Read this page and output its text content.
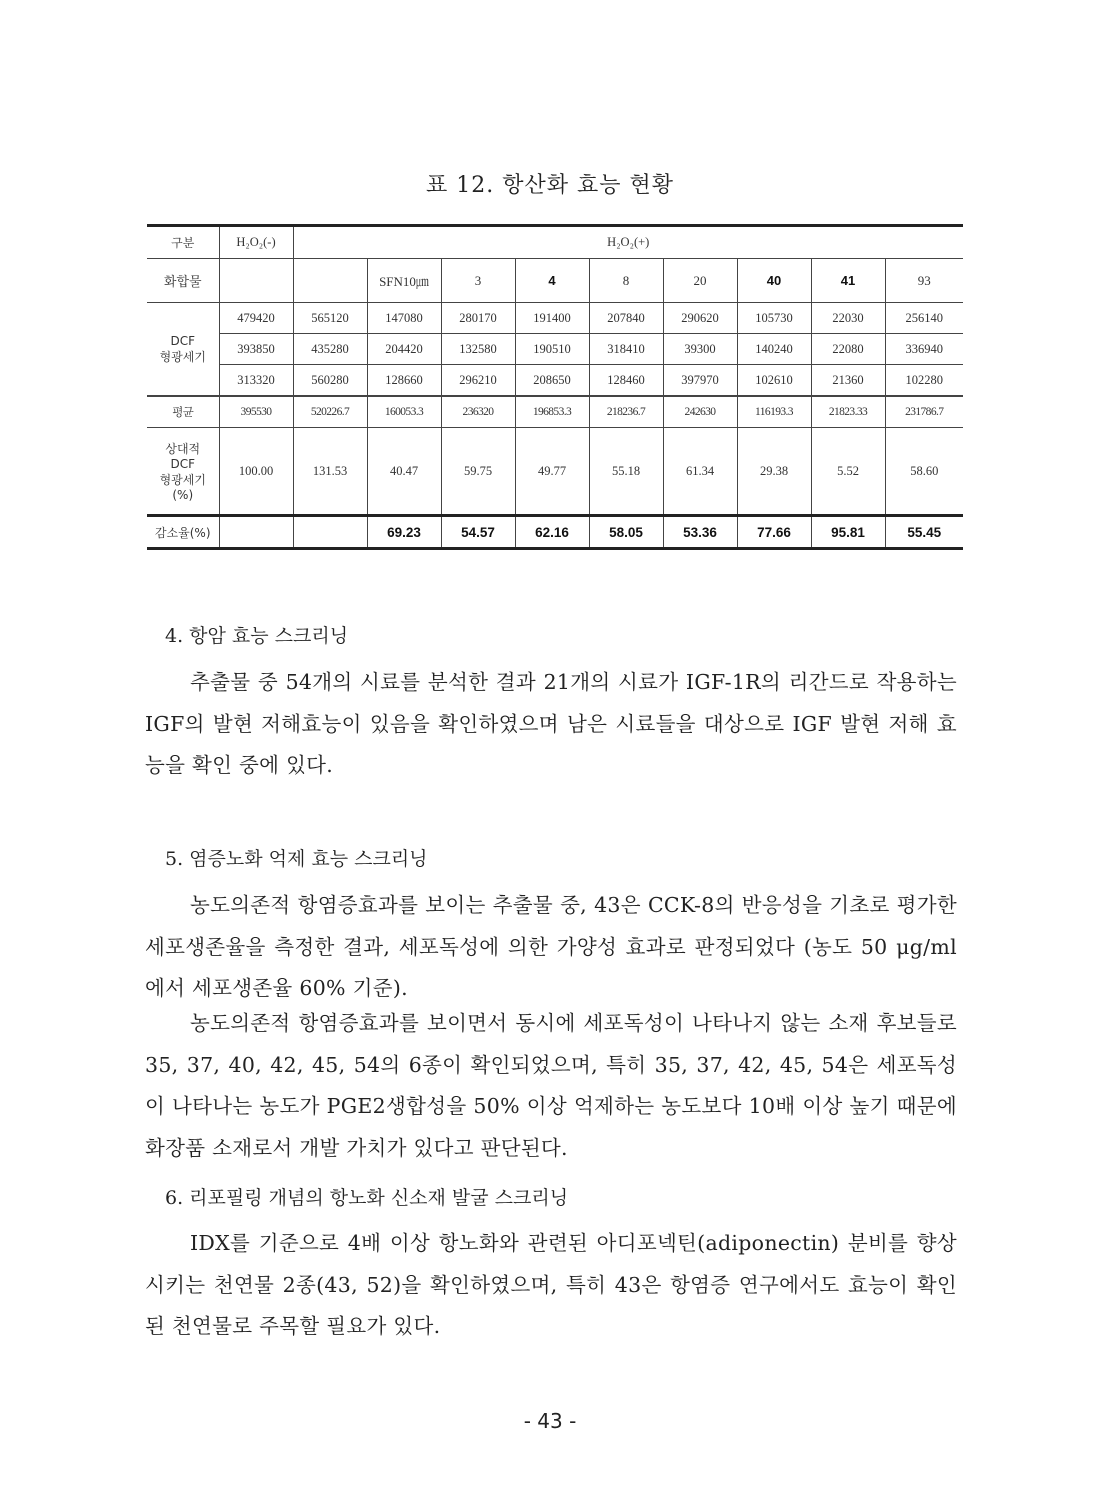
표 12. 항산화 효능 현황
구분	H₂O₂(-)	H₂O₂(+)								
화합물			SFN10㎛	3	4	8	20	40	41	93

DCF
형광세기	479420	565120	147080	280170	191400	207840	290620	105730	22030	256140
	393850	435280	204420	132580	190510	318410	39300	140240	22080	336940
	313320	560280	128660	296210	208650	128460	397970	102610	21360	102280
평균	395530	520226.7	160053.3	236320	196853.3	218236.7	242630	116193.3	21823.33	231786.7

상대적
DCF
형광세기
(%)	100.00	131.53	40.47	59.75	49.77	55.18	61.34	29.38	5.52	58.60
감소율(%)			69.23	54.57	62.16	58.05	53.36	77.66	95.81	55.45
4. 항암 효능 스크리닝
추출물 중 54개의 시료를 분석한 결과 21개의 시료가 IGF-1R의 리간드로 작용하는 IGF의 발현 저해효능이 있음을 확인하였으며 남은 시료들을 대상으로 IGF 발현 저해 효능을 확인 중에 있다.
5. 염증노화 억제 효능 스크리닝
농도의존적 항염증효과를 보이는 추출물 중, 43은 CCK-8의 반응성을 기초로 평가한 세포생존율을 측정한 결과, 세포독성에 의한 가양성 효과로 판정되었다 (농도 50 μg/ml에서 세포생존율 60% 기준).
농도의존적 항염증효과를 보이면서 동시에 세포독성이 나타나지 않는 소재 후보들로 35, 37, 40, 42, 45, 54의 6종이 확인되었으며, 특히 35, 37, 42, 45, 54은 세포독성이 나타나는 농도가 PGE2생합성을 50% 이상 억제하는 농도보다 10배 이상 높기 때문에 화장품 소재로서 개발 가치가 있다고 판단된다.
6. 리포필링 개념의 항노화 신소재 발굴 스크리닝
IDX를 기준으로 4배 이상 항노화와 관련된 아디포넥틴(adiponectin) 분비를 향상시키는 천연물 2종(43, 52)을 확인하였으며, 특히 43은 항염증 연구에서도 효능이 확인된 천연물로 주목할 필요가 있다.
- 43 -
